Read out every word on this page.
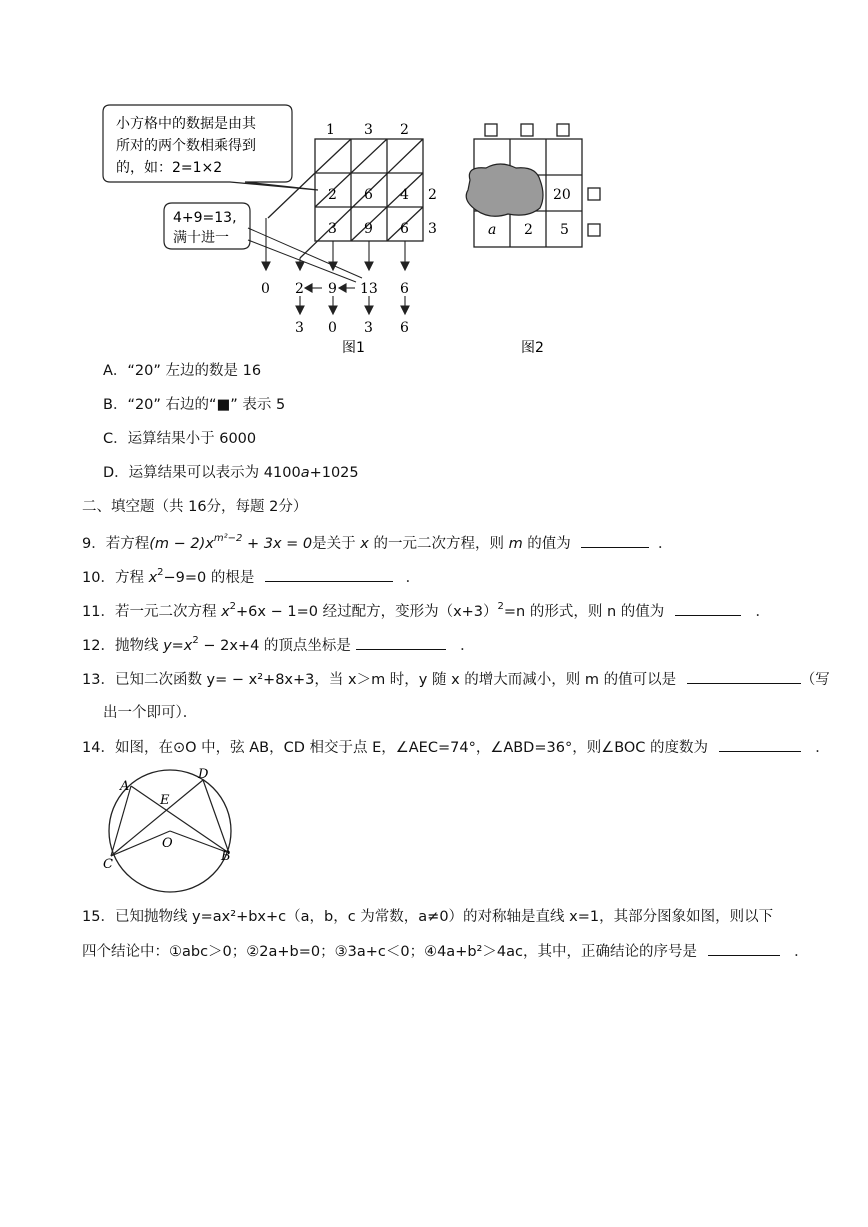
小方格中的数据是由其
所对的两个数相乘得到
的，如：2=1×2
4+9=13,
满十进一
1 3 2
2
3
2 6 4
3 9 6
0 2 9 13 6
3 0 3 6
图1
20
a 2 5
图2
A．“20” 左边的数是 16
B．“20” 右边的“■” 表示 5
C．运算结果小于 6000
D．运算结果可以表示为 4100a+1025
二、填空题（共 16分，每题 2分）
9．若方程$(m - 2)x^{m^2-2} + 3x = 0$是关于 x 的一元二次方程，则 m 的值为	．
10．方程 $x^2-9=0$ 的根是	．
11．若一元二次方程 $x^2+6x - 1=0$ 经过配方，变形为$(x+3)^2=n$ 的形式，则 n 的值为	．
12．抛物线 $y=x^2 - 2x+4$ 的顶点坐标是	．
13．已知二次函数 y= − x²+8x+3，当 x＞m 时，y 随 x 的增大而减小，则 m 的值可以是	（写
出一个即可）．
14．如图，在⊙O 中，弦 AB，CD 相交于点 E，∠AEC=74°，∠ABD=36°，则∠BOC 的度数为	．
A
D
E
O
C
B
15．已知抛物线 y=ax²+bx+c（a，b，c 为常数，a≠0）的对称轴是直线 x=1，其部分图象如图，则以下
四个结论中：①abc＞0；②2a+b=0；③3a+c＜0；④4a+b²＞4ac，其中，正确结论的序号是	．
